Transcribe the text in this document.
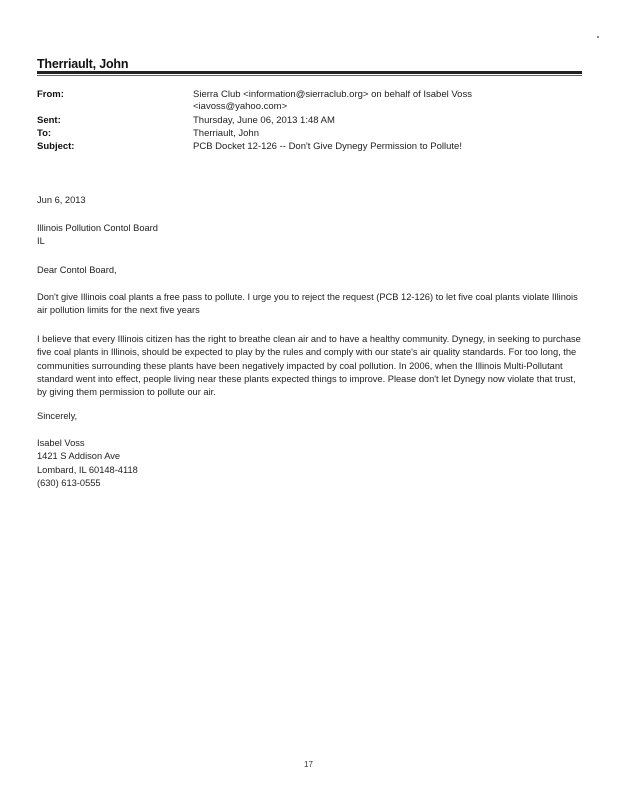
Therriault, John
From:	Sierra Club <information@sierraclub.org> on behalf of Isabel Voss
<iavoss@yahoo.com>
Sent:	Thursday, June 06, 2013 1:48 AM
To:	Therriault, John
Subject:	PCB Docket 12-126 -- Don't Give Dynegy Permission to Pollute!
Jun 6, 2013

Illinois Pollution Contol Board

IL

Dear Contol Board,
Don't give Illinois coal plants a free pass to pollute. I urge you to reject the request (PCB 12-126) to let five coal plants violate Illinois air pollution limits for the next five years
I believe that every Illinois citizen has the right to breathe clean air and to have a healthy community. Dynegy, in seeking to purchase five coal plants in Illinois, should be expected to play by the rules and comply with our state's air quality standards. For too long, the communities surrounding these plants have been negatively impacted by coal pollution. In 2006, when the Illinois Multi-Pollutant standard went into effect, people living near these plants expected things to improve. Please don't let Dynegy now violate that trust, by giving them permission to pollute our air.
Sincerely,

Isabel Voss

1421 S Addison Ave

Lombard, IL 60148-4118

(630) 613-0555

17
